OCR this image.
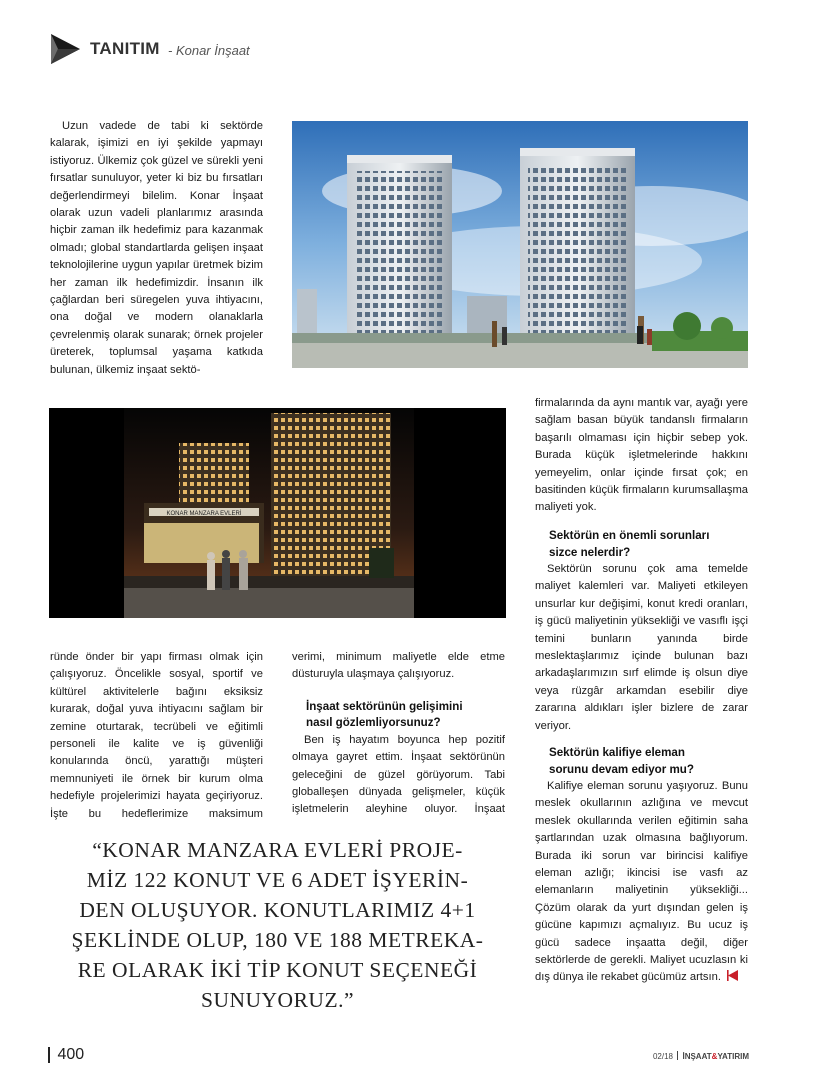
TANITIM - Konar İnşaat

Uzun vadede de tabi ki sektörde kalarak, işimizi en iyi şekilde yapmayı istiyoruz. Ülkemiz çok güzel ve sürekli yeni fırsatlar sunuluyor, yeter ki biz bu fırsatları değerlendirmeyi bilelim. Konar İnşaat olarak uzun vadeli planlarımız arasında hiçbir zaman ilk hedefimiz para kazanmak olmadı; global standartlarda gelişen inşaat teknolojilerine uygun yapılar üretmek bizim her zaman ilk hedefimizdir. İnsanın ilk çağlardan beri süregelen yuva ihtiyacını, ona doğal ve modern olanaklarla çevrelenmiş olarak sunarak; örnek projeler üreterek, toplumsal yaşama katkıda bulunan, ülkemiz inşaat sektö-

KONAR MANZARA EVLERİ

firmalarında da aynı mantık var, ayağı yere sağlam basan büyük tandanslı firmaların başarılı olmaması için hiçbir sebep yok. Burada küçük işletmelerinde hakkını yemeyelim, onlar içinde fırsat çok; en basitinden küçük firmaların kurumsallaşma maliyeti yok.

Sektörün en önemli sorunları sizce nelerdir?

Sektörün sorunu çok ama temelde maliyet kalemleri var. Maliyeti etkileyen unsurlar kur değişimi, konut kredi oranları, iş gücü maliyetinin yüksekliği ve vasıflı işçi temini bunların yanında birde meslektaşlarımız içinde bulunan bazı arkadaşlarımızın sırf elimde iş olsun diye veya rüzgâr arkamdan esebilir diye zararına aldıkları işler bizlere de zarar veriyor.

Sektörün kalifiye eleman sorunu devam ediyor mu?

Kalifiye eleman sorunu yaşıyoruz. Bunu meslek okullarının azlığına ve mevcut meslek okullarında verilen eğitimin saha şartlarından uzak olmasına bağlıyorum. Burada iki sorun var birincisi kalifiye eleman azlığı; ikincisi ise vasfı az elemanların maliyetinin yüksekliği... Çözüm olarak da yurt dışından gelen iş gücüne kapımızı açmalıyız. Bu ucuz iş gücü sadece inşaatta değil, diğer sektörlerde de gerekli. Maliyet ucuzlasın ki dış dünya ile rekabet gücümüz artsın.

ründe önder bir yapı firması olmak için çalışıyoruz. Öncelikle sosyal, sportif ve kültürel aktivitelerle bağını eksiksiz kurarak, doğal yuva ihtiyacını sağlam bir zemine oturtarak, tecrübeli ve eğitimli personeli ile kalite ve iş güvenliği konularında öncü, yarattığı müşteri memnuniyeti ile örnek bir kurum olma hedefiyle projelerimizi hayata geçiriyoruz. İşte bu hedeflerimize maksimum

verimi, minimum maliyetle elde etme düsturuyla ulaşmaya çalışıyoruz.

İnşaat sektörünün gelişimini nasıl gözlemliyorsunuz?

Ben iş hayatım boyunca hep pozitif olmaya gayret ettim. İnşaat sektörünün geleceğini de güzel görüyorum. Tabi globalleşen dünyada gelişmeler, küçük işletmelerin aleyhine oluyor. İnşaat

“KONAR MANZARA EVLERİ PROJE-
MİZ 122 KONUT VE 6 ADET İŞYERİN-
DEN OLUŞUYOR. KONUTLARIMIZ 4+1
ŞEKLİNDE OLUP, 180 VE 188 METREKA-
RE OLARAK İKİ TİP KONUT SEÇENEĞİ
SUNUYORUZ.”
400	02/18 İNŞAAT&YATIRIM
